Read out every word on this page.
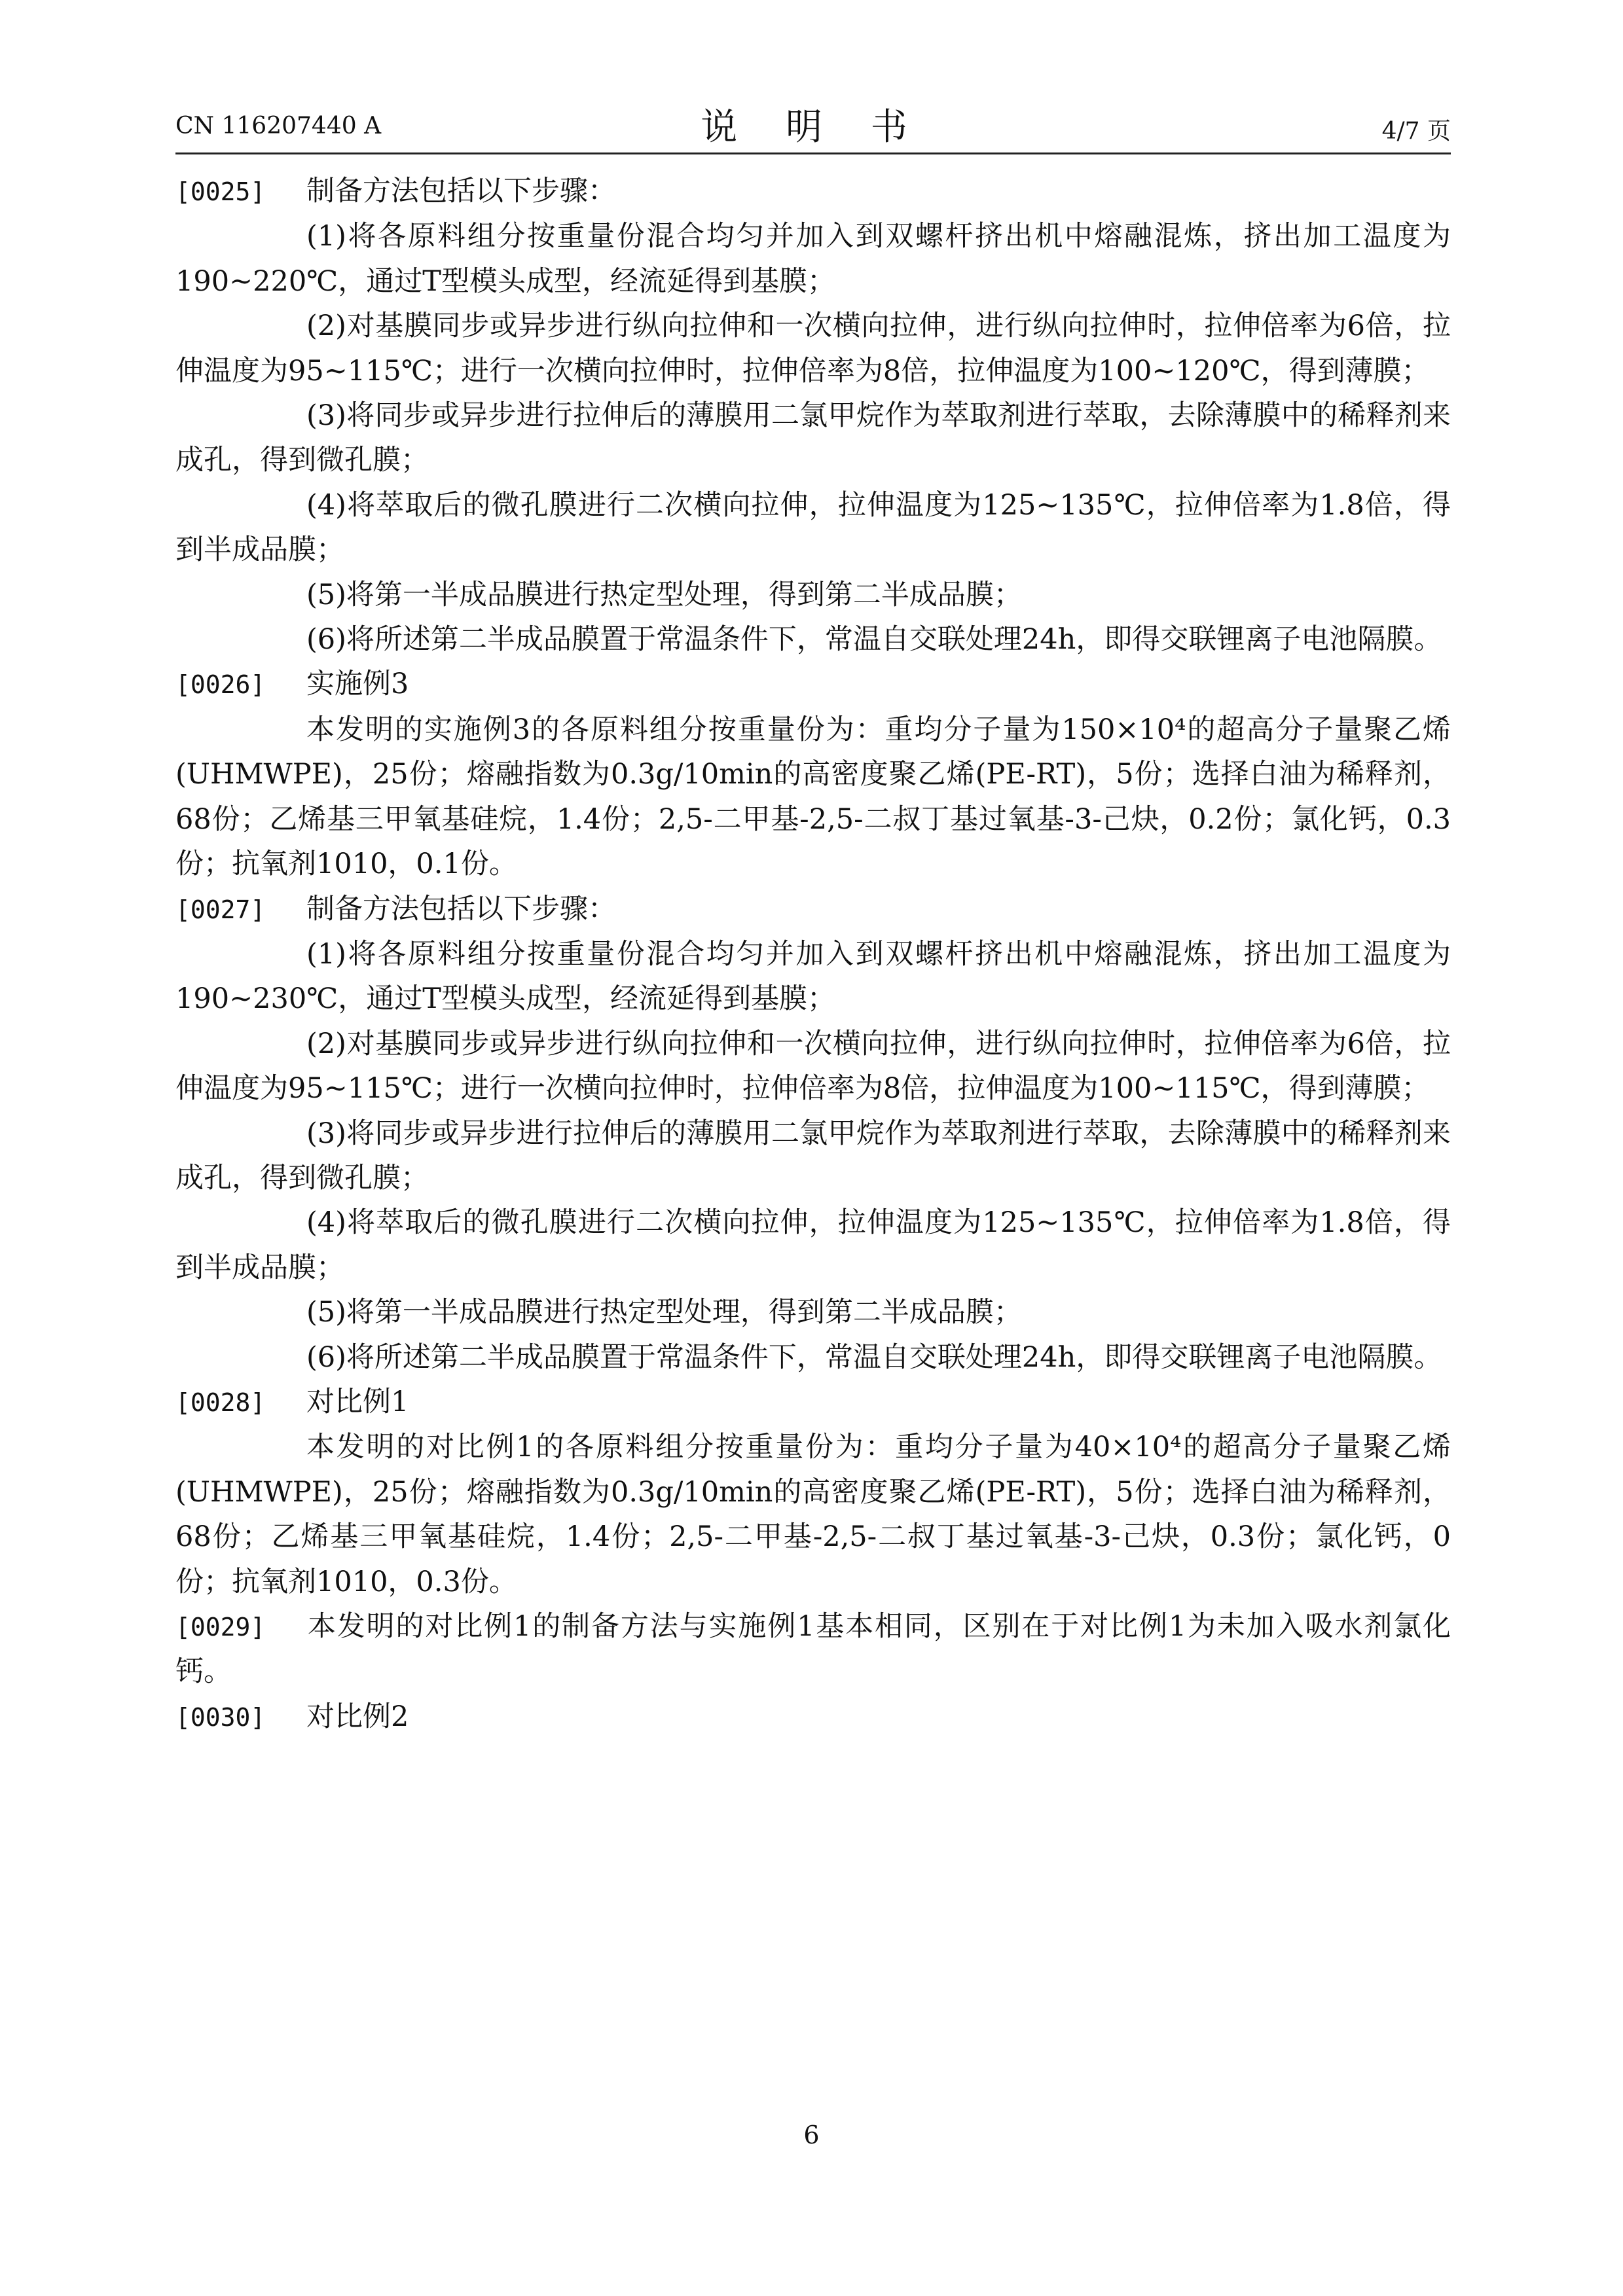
CN 116207440 A	说 明 书	4/7 页

[0025] 制备方法包括以下步骤：

(1)将各原料组分按重量份混合均匀并加入到双螺杆挤出机中熔融混炼，挤出加工温度为190~220℃，通过T型模头成型，经流延得到基膜；

(2)对基膜同步或异步进行纵向拉伸和一次横向拉伸，进行纵向拉伸时，拉伸倍率为6倍，拉伸温度为95~115℃；进行一次横向拉伸时，拉伸倍率为8倍，拉伸温度为100~120℃，得到薄膜；

(3)将同步或异步进行拉伸后的薄膜用二氯甲烷作为萃取剂进行萃取，去除薄膜中的稀释剂来成孔，得到微孔膜；

(4)将萃取后的微孔膜进行二次横向拉伸，拉伸温度为125~135℃，拉伸倍率为1.8倍，得到半成品膜；

(5)将第一半成品膜进行热定型处理，得到第二半成品膜；

(6)将所述第二半成品膜置于常温条件下，常温自交联处理24h，即得交联锂离子电池隔膜。

[0026] 实施例3

本发明的实施例3的各原料组分按重量份为：重均分子量为150×10⁴的超高分子量聚乙烯(UHMWPE)，25份；熔融指数为0.3g/10min的高密度聚乙烯(PE-RT)，5份；选择白油为稀释剂，68份；乙烯基三甲氧基硅烷，1.4份；2,5-二甲基-2,5-二叔丁基过氧基-3-己炔，0.2份；氯化钙，0.3份；抗氧剂1010，0.1份。

[0027] 制备方法包括以下步骤：

(1)将各原料组分按重量份混合均匀并加入到双螺杆挤出机中熔融混炼，挤出加工温度为190~230℃，通过T型模头成型，经流延得到基膜；

(2)对基膜同步或异步进行纵向拉伸和一次横向拉伸，进行纵向拉伸时，拉伸倍率为6倍，拉伸温度为95~115℃；进行一次横向拉伸时，拉伸倍率为8倍，拉伸温度为100~115℃，得到薄膜；

(3)将同步或异步进行拉伸后的薄膜用二氯甲烷作为萃取剂进行萃取，去除薄膜中的稀释剂来成孔，得到微孔膜；

(4)将萃取后的微孔膜进行二次横向拉伸，拉伸温度为125~135℃，拉伸倍率为1.8倍，得到半成品膜；

(5)将第一半成品膜进行热定型处理，得到第二半成品膜；

(6)将所述第二半成品膜置于常温条件下，常温自交联处理24h，即得交联锂离子电池隔膜。

[0028] 对比例1

本发明的对比例1的各原料组分按重量份为：重均分子量为40×10⁴的超高分子量聚乙烯(UHMWPE)，25份；熔融指数为0.3g/10min的高密度聚乙烯(PE-RT)，5份；选择白油为稀释剂，68份；乙烯基三甲氧基硅烷，1.4份；2,5-二甲基-2,5-二叔丁基过氧基-3-己炔，0.3份；氯化钙，0份；抗氧剂1010，0.3份。

[0029] 本发明的对比例1的制备方法与实施例1基本相同，区别在于对比例1为未加入吸水剂氯化钙。

[0030] 对比例2

6
